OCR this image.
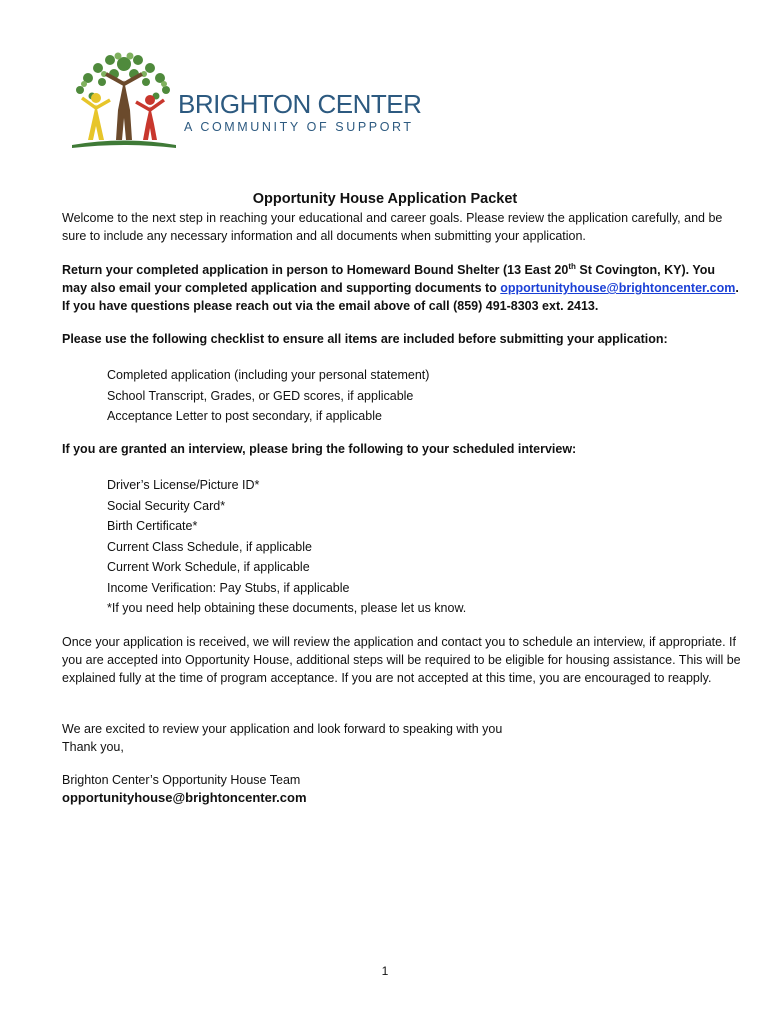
BRIGHTON CENTER
A COMMUNITY OF SUPPORT
Opportunity House Application Packet

Welcome to the next step in reaching your educational and career goals. Please review the application carefully, and be sure to include any necessary information and all documents when submitting your application.

Return your completed application in person to Homeward Bound Shelter (13 East 20th St Covington, KY). You may also email your completed application and supporting documents to opportunityhouse@brightoncenter.com. If you have questions please reach out via the email above of call (859) 491-8303 ext. 2413.

Please use the following checklist to ensure all items are included before submitting your application:
Completed application (including your personal statement)
School Transcript, Grades, or GED scores, if applicable
Acceptance Letter to post secondary, if applicable
If you are granted an interview, please bring the following to your scheduled interview:
Driver’s License/Picture ID*
Social Security Card*
Birth Certificate*
Current Class Schedule, if applicable
Current Work Schedule, if applicable
Income Verification: Pay Stubs, if applicable
*If you need help obtaining these documents, please let us know.

Once your application is received, we will review the application and contact you to schedule an interview, if appropriate. If you are accepted into Opportunity House, additional steps will be required to be eligible for housing assistance. This will be explained fully at the time of program acceptance. If you are not accepted at this time, you are encouraged to reapply.

We are excited to review your application and look forward to speaking with you
Thank you,
Brighton Center’s Opportunity House Team
opportunityhouse@brightoncenter.com
1
